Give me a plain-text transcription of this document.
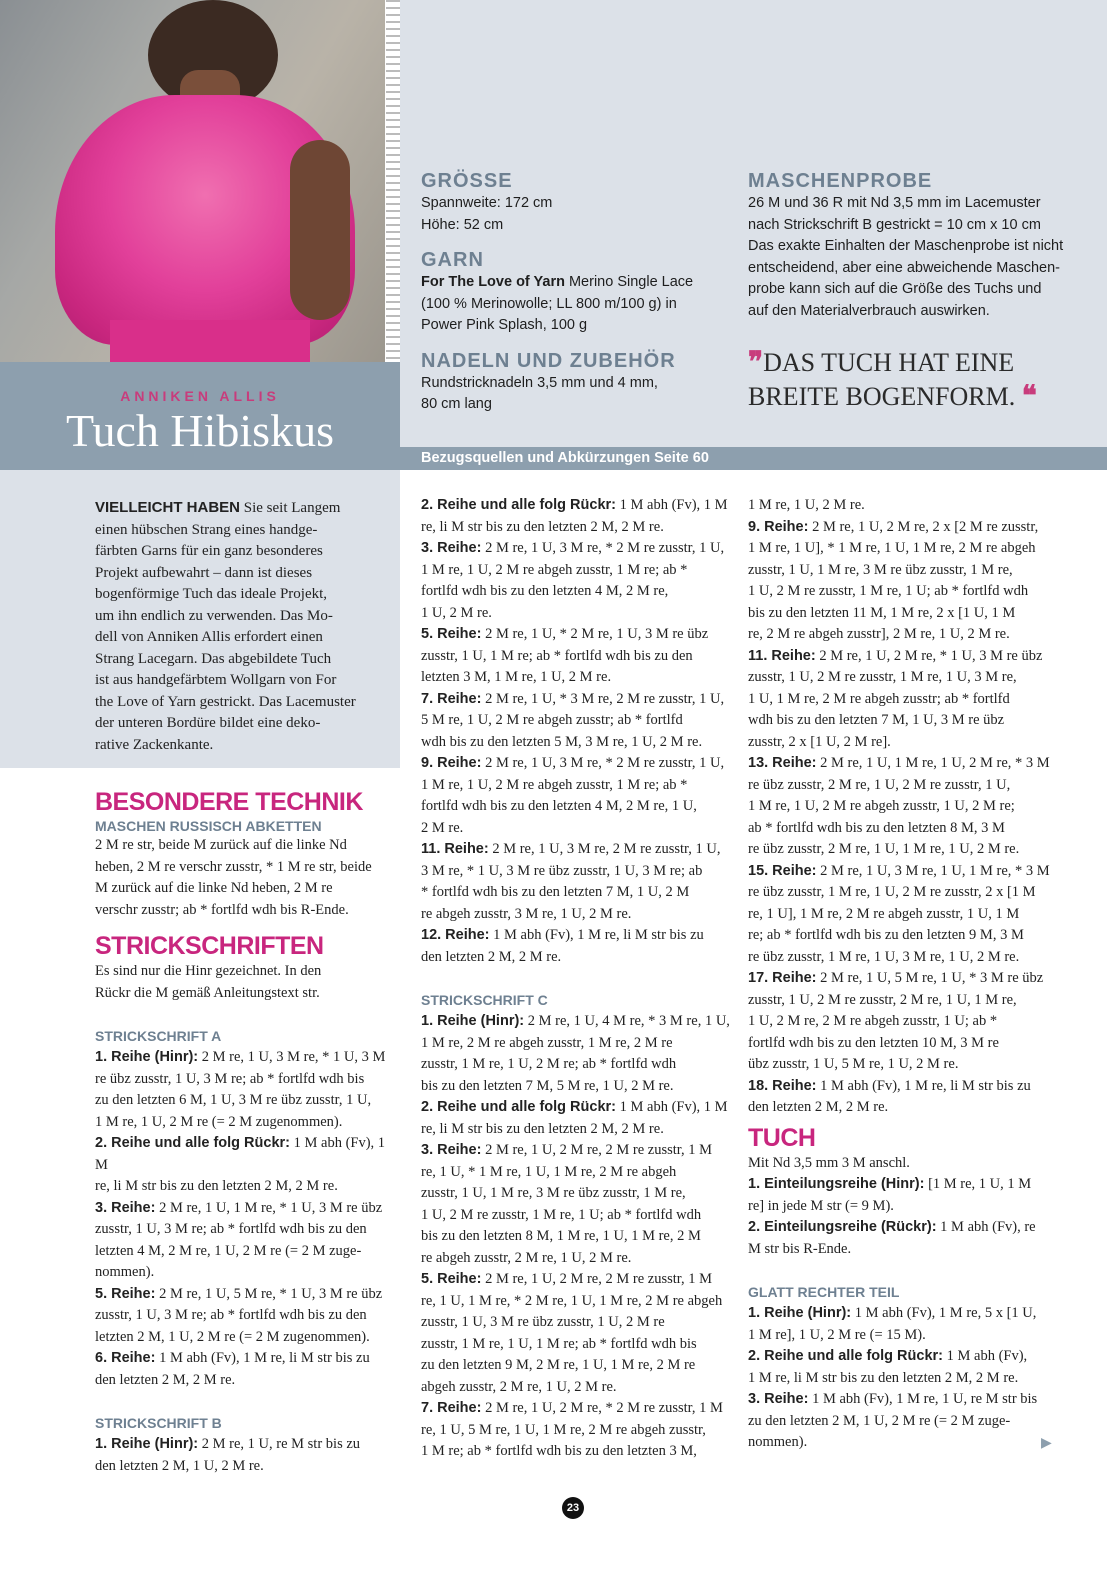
ANNIKEN ALLIS
Tuch Hibiskus
GRÖSSE
Spannweite: 172 cm
Höhe: 52 cm
GARN
For The Love of Yarn Merino Single Lace
(100 % Merinowolle; LL 800 m/100 g) in
Power Pink Splash, 100 g
NADELN UND ZUBEHÖR
Rundstricknadeln 3,5 mm und 4 mm,
80 cm lang
MASCHENPROBE
26 M und 36 R mit Nd 3,5 mm im Lacemuster
nach Strickschrift B gestrickt = 10 cm x 10 cm
Das exakte Einhalten der Maschenprobe ist nicht
entscheidend, aber eine abweichende Maschen-
probe kann sich auf die Größe des Tuchs und
auf den Materialverbrauch auswirken.
❞DAS TUCH HAT EINE
BREITE BOGENFORM. ❝
Bezugsquellen und Abkürzungen Seite 60
VIELLEICHT HABEN Sie seit Langem
einen hübschen Strang eines handge-
färbten Garns für ein ganz besonderes
Projekt aufbewahrt – dann ist dieses
bogenförmige Tuch das ideale Projekt,
um ihn endlich zu verwenden. Das Mo-
dell von Anniken Allis erfordert einen
Strang Lacegarn. Das abgebildete Tuch
ist aus handgefärbtem Wollgarn von For
the Love of Yarn gestrickt. Das Lacemuster
der unteren Bordüre bildet eine deko-
rative Zackenkante.
BESONDERE TECHNIK
MASCHEN RUSSISCH ABKETTEN

2 M re str, beide M zurück auf die linke Nd

heben, 2 M re verschr zusstr, * 1 M re str, beide

M zurück auf die linke Nd heben, 2 M re

verschr zusstr; ab * fortlfd wdh bis R-Ende.

STRICKSCHRIFTEN

Es sind nur die Hinr gezeichnet. In den

Rückr die M gemäß Anleitungstext str.

STRICKSCHRIFT A

1. Reihe (Hinr): 2 M re, 1 U, 3 M re, * 1 U, 3 M

re übz zusstr, 1 U, 3 M re; ab * fortlfd wdh bis

zu den letzten 6 M, 1 U, 3 M re übz zusstr, 1 U,

1 M re, 1 U, 2 M re (= 2 M zugenommen).

2. Reihe und alle folg Rückr: 1 M abh (Fv), 1 M

re, li M str bis zu den letzten 2 M, 2 M re.

3. Reihe: 2 M re, 1 U, 1 M re, * 1 U, 3 M re übz

zusstr, 1 U, 3 M re; ab * fortlfd wdh bis zu den

letzten 4 M, 2 M re, 1 U, 2 M re (= 2 M zuge-

nommen).

5. Reihe: 2 M re, 1 U, 5 M re, * 1 U, 3 M re übz

zusstr, 1 U, 3 M re; ab * fortlfd wdh bis zu den

letzten 2 M, 1 U, 2 M re (= 2 M zugenommen).

6. Reihe: 1 M abh (Fv), 1 M re, li M str bis zu

den letzten 2 M, 2 M re.

STRICKSCHRIFT B

1. Reihe (Hinr): 2 M re, 1 U, re M str bis zu

den letzten 2 M, 1 U, 2 M re.

2. Reihe und alle folg Rückr: 1 M abh (Fv), 1 M

re, li M str bis zu den letzten 2 M, 2 M re.

3. Reihe: 2 M re, 1 U, 3 M re, * 2 M re zusstr, 1 U,

1 M re, 1 U, 2 M re abgeh zusstr, 1 M re; ab *

fortlfd wdh bis zu den letzten 4 M, 2 M re,

1 U, 2 M re.

5. Reihe: 2 M re, 1 U, * 2 M re, 1 U, 3 M re übz

zusstr, 1 U, 1 M re; ab * fortlfd wdh bis zu den

letzten 3 M, 1 M re, 1 U, 2 M re.

7. Reihe: 2 M re, 1 U, * 3 M re, 2 M re zusstr, 1 U,

5 M re, 1 U, 2 M re abgeh zusstr; ab * fortlfd

wdh bis zu den letzten 5 M, 3 M re, 1 U, 2 M re.

9. Reihe: 2 M re, 1 U, 3 M re, * 2 M re zusstr, 1 U,

1 M re, 1 U, 2 M re abgeh zusstr, 1 M re; ab *

fortlfd wdh bis zu den letzten 4 M, 2 M re, 1 U,

2 M re.

11. Reihe: 2 M re, 1 U, 3 M re, 2 M re zusstr, 1 U,

3 M re, * 1 U, 3 M re übz zusstr, 1 U, 3 M re; ab

* fortlfd wdh bis zu den letzten 7 M, 1 U, 2 M

re abgeh zusstr, 3 M re, 1 U, 2 M re.

12. Reihe: 1 M abh (Fv), 1 M re, li M str bis zu

den letzten 2 M, 2 M re.

STRICKSCHRIFT C

1. Reihe (Hinr): 2 M re, 1 U, 4 M re, * 3 M re, 1 U,

1 M re, 2 M re abgeh zusstr, 1 M re, 2 M re

zusstr, 1 M re, 1 U, 2 M re; ab * fortlfd wdh

bis zu den letzten 7 M, 5 M re, 1 U, 2 M re.

2. Reihe und alle folg Rückr: 1 M abh (Fv), 1 M

re, li M str bis zu den letzten 2 M, 2 M re.

3. Reihe: 2 M re, 1 U, 2 M re, 2 M re zusstr, 1 M

re, 1 U, * 1 M re, 1 U, 1 M re, 2 M re abgeh

zusstr, 1 U, 1 M re, 3 M re übz zusstr, 1 M re,

1 U, 2 M re zusstr, 1 M re, 1 U; ab * fortlfd wdh

bis zu den letzten 8 M, 1 M re, 1 U, 1 M re, 2 M

re abgeh zusstr, 2 M re, 1 U, 2 M re.

5. Reihe: 2 M re, 1 U, 2 M re, 2 M re zusstr, 1 M

re, 1 U, 1 M re, * 2 M re, 1 U, 1 M re, 2 M re abgeh

zusstr, 1 U, 3 M re übz zusstr, 1 U, 2 M re

zusstr, 1 M re, 1 U, 1 M re; ab * fortlfd wdh bis

zu den letzten 9 M, 2 M re, 1 U, 1 M re, 2 M re

abgeh zusstr, 2 M re, 1 U, 2 M re.

7. Reihe: 2 M re, 1 U, 2 M re, * 2 M re zusstr, 1 M

re, 1 U, 5 M re, 1 U, 1 M re, 2 M re abgeh zusstr,

1 M re; ab * fortlfd wdh bis zu den letzten 3 M,

1 M re, 1 U, 2 M re.

9. Reihe: 2 M re, 1 U, 2 M re, 2 x [2 M re zusstr,

1 M re, 1 U], * 1 M re, 1 U, 1 M re, 2 M re abgeh

zusstr, 1 U, 1 M re, 3 M re übz zusstr, 1 M re,

1 U, 2 M re zusstr, 1 M re, 1 U; ab * fortlfd wdh

bis zu den letzten 11 M, 1 M re, 2 x [1 U, 1 M

re, 2 M re abgeh zusstr], 2 M re, 1 U, 2 M re.

11. Reihe: 2 M re, 1 U, 2 M re, * 1 U, 3 M re übz

zusstr, 1 U, 2 M re zusstr, 1 M re, 1 U, 3 M re,

1 U, 1 M re, 2 M re abgeh zusstr; ab * fortlfd

wdh bis zu den letzten 7 M, 1 U, 3 M re übz

zusstr, 2 x [1 U, 2 M re].

13. Reihe: 2 M re, 1 U, 1 M re, 1 U, 2 M re, * 3 M

re übz zusstr, 2 M re, 1 U, 2 M re zusstr, 1 U,

1 M re, 1 U, 2 M re abgeh zusstr, 1 U, 2 M re;

ab * fortlfd wdh bis zu den letzten 8 M, 3 M

re übz zusstr, 2 M re, 1 U, 1 M re, 1 U, 2 M re.

15. Reihe: 2 M re, 1 U, 3 M re, 1 U, 1 M re, * 3 M

re übz zusstr, 1 M re, 1 U, 2 M re zusstr, 2 x [1 M

re, 1 U], 1 M re, 2 M re abgeh zusstr, 1 U, 1 M

re; ab * fortlfd wdh bis zu den letzten 9 M, 3 M

re übz zusstr, 1 M re, 1 U, 3 M re, 1 U, 2 M re.

17. Reihe: 2 M re, 1 U, 5 M re, 1 U, * 3 M re übz

zusstr, 1 U, 2 M re zusstr, 2 M re, 1 U, 1 M re,

1 U, 2 M re, 2 M re abgeh zusstr, 1 U; ab *

fortlfd wdh bis zu den letzten 10 M, 3 M re

übz zusstr, 1 U, 5 M re, 1 U, 2 M re.

18. Reihe: 1 M abh (Fv), 1 M re, li M str bis zu

den letzten 2 M, 2 M re.

TUCH

Mit Nd 3,5 mm 3 M anschl.

1. Einteilungsreihe (Hinr): [1 M re, 1 U, 1 M

re] in jede M str (= 9 M).

2. Einteilungsreihe (Rückr): 1 M abh (Fv), re

M str bis R-Ende.

GLATT RECHTER TEIL

1. Reihe (Hinr): 1 M abh (Fv), 1 M re, 5 x [1 U,

1 M re], 1 U, 2 M re (= 15 M).

2. Reihe und alle folg Rückr: 1 M abh (Fv),

1 M re, li M str bis zu den letzten 2 M, 2 M re.

3. Reihe: 1 M abh (Fv), 1 M re, 1 U, re M str bis

zu den letzten 2 M, 1 U, 2 M re (= 2 M zuge-

nommen).	▶
23
